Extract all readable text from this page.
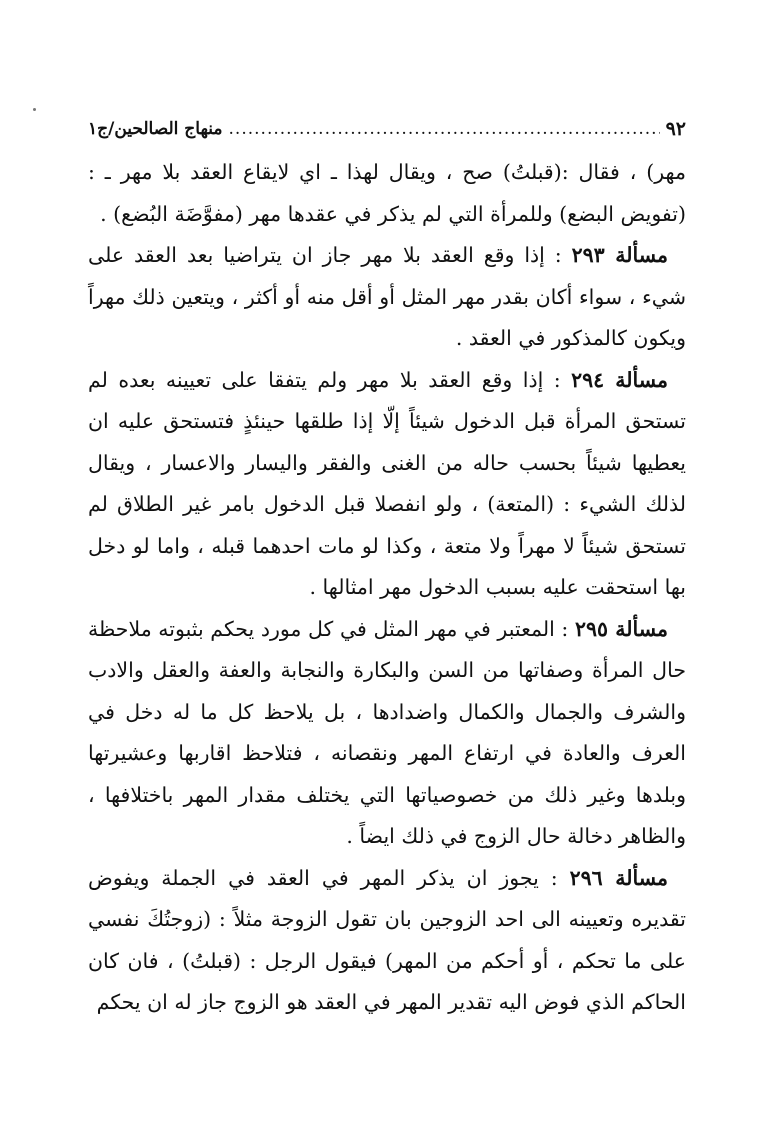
٩٢
.....
منهاج الصالحين/ج١

مهر) ، فقال :(قبلتُ) صح ، ويقال لهذا ـ اي لايقاع العقد بلا مهر ـ : (تفويض البضع) وللمرأة التي لم يذكر في عقدها مهر (مفوَّضَة البُضع) .

مسألة ٢٩٣ : إذا وقع العقد بلا مهر جاز ان يتراضيا بعد العقد على شيء ، سواء أكان بقدر مهر المثل أو أقل منه أو أكثر ، ويتعين ذلك مهراً ويكون كالمذكور في العقد .

مسألة ٢٩٤ : إذا وقع العقد بلا مهر ولم يتفقا على تعيينه بعده لم تستحق المرأة قبل الدخول شيئاً إلّا إذا طلقها حينئذٍ فتستحق عليه ان يعطيها شيئاً بحسب حاله من الغنى والفقر واليسار والاعسار ، ويقال لذلك الشيء : (المتعة) ، ولو انفصلا قبل الدخول بامر غير الطلاق لم تستحق شيئاً لا مهراً ولا متعة ، وكذا لو مات احدهما قبله ، واما لو دخل بها استحقت عليه بسبب الدخول مهر امثالها .

مسألة ٢٩٥ : المعتبر في مهر المثل في كل مورد يحكم بثبوته ملاحظة حال المرأة وصفاتها من السن والبكارة والنجابة والعفة والعقل والادب والشرف والجمال والكمال واضدادها ، بل يلاحظ كل ما له دخل في العرف والعادة في ارتفاع المهر ونقصانه ، فتلاحظ اقاربها وعشيرتها وبلدها وغير ذلك من خصوصياتها التي يختلف مقدار المهر باختلافها ، والظاهر دخالة حال الزوج في ذلك ايضاً .

مسألة ٢٩٦ : يجوز ان يذكر المهر في العقد في الجملة ويفوض تقديره وتعيينه الى احد الزوجين بان تقول الزوجة مثلاً : (زوجتُكَ نفسي على ما تحكم ، أو أحكم من المهر) فيقول الرجل : (قبلتُ) ، فان كان الحاكم الذي فوض اليه تقدير المهر في العقد هو الزوج جاز له ان يحكم
